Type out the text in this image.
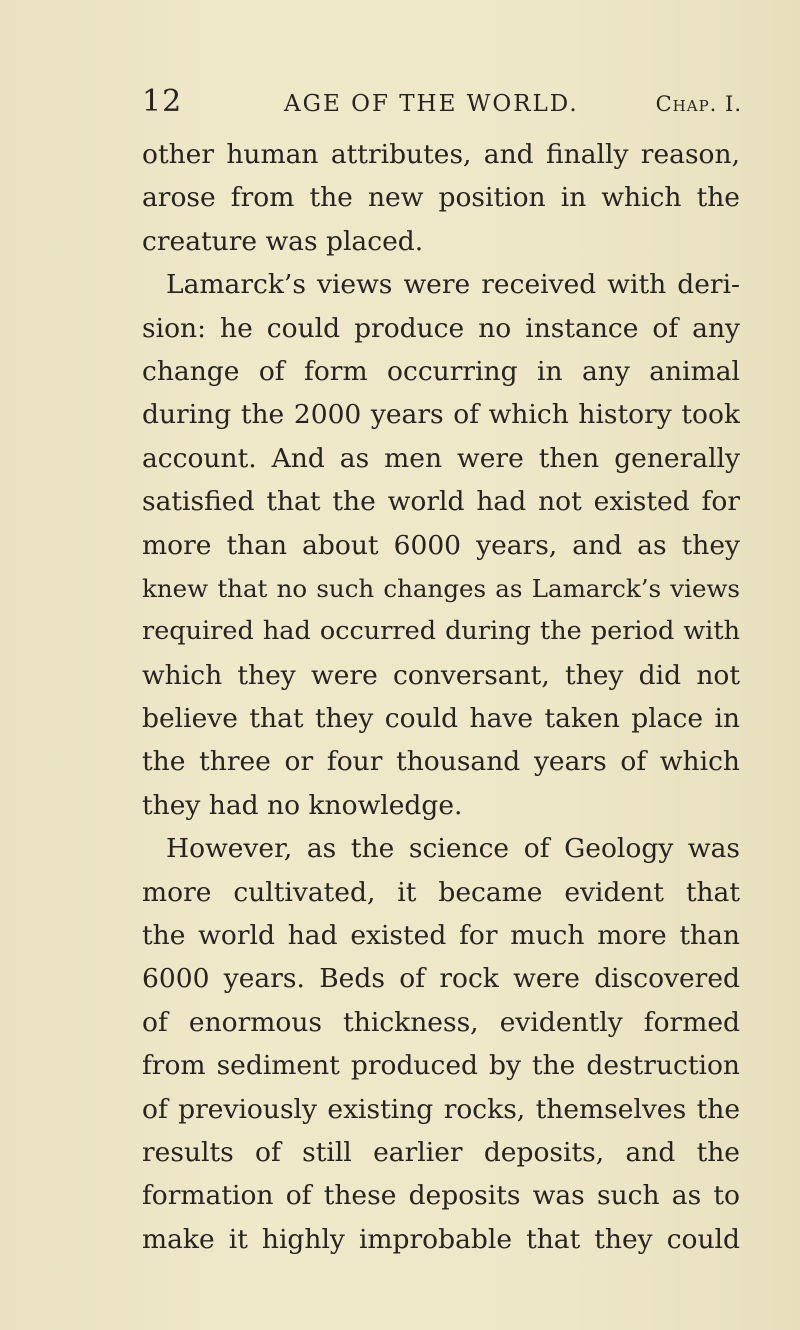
12	AGE OF THE WORLD.	Chap. I.
other human attributes, and finally reason,
arose from the new position in which the
creature was placed.
Lamarck’s views were received with deri-
sion: he could produce no instance of any
change of form occurring in any animal
during the 2000 years of which history took
account. And as men were then generally
satisfied that the world had not existed for
more than about 6000 years, and as they
knew that no such changes as Lamarck’s views
required had occurred during the period with
which they were conversant, they did not
believe that they could have taken place in
the three or four thousand years of which
they had no knowledge.
However, as the science of Geology was
more cultivated, it became evident that
the world had existed for much more than
6000 years. Beds of rock were discovered
of enormous thickness, evidently formed
from sediment produced by the destruction
of previously existing rocks, themselves the
results of still earlier deposits, and the
formation of these deposits was such as to
make it highly improbable that they could
